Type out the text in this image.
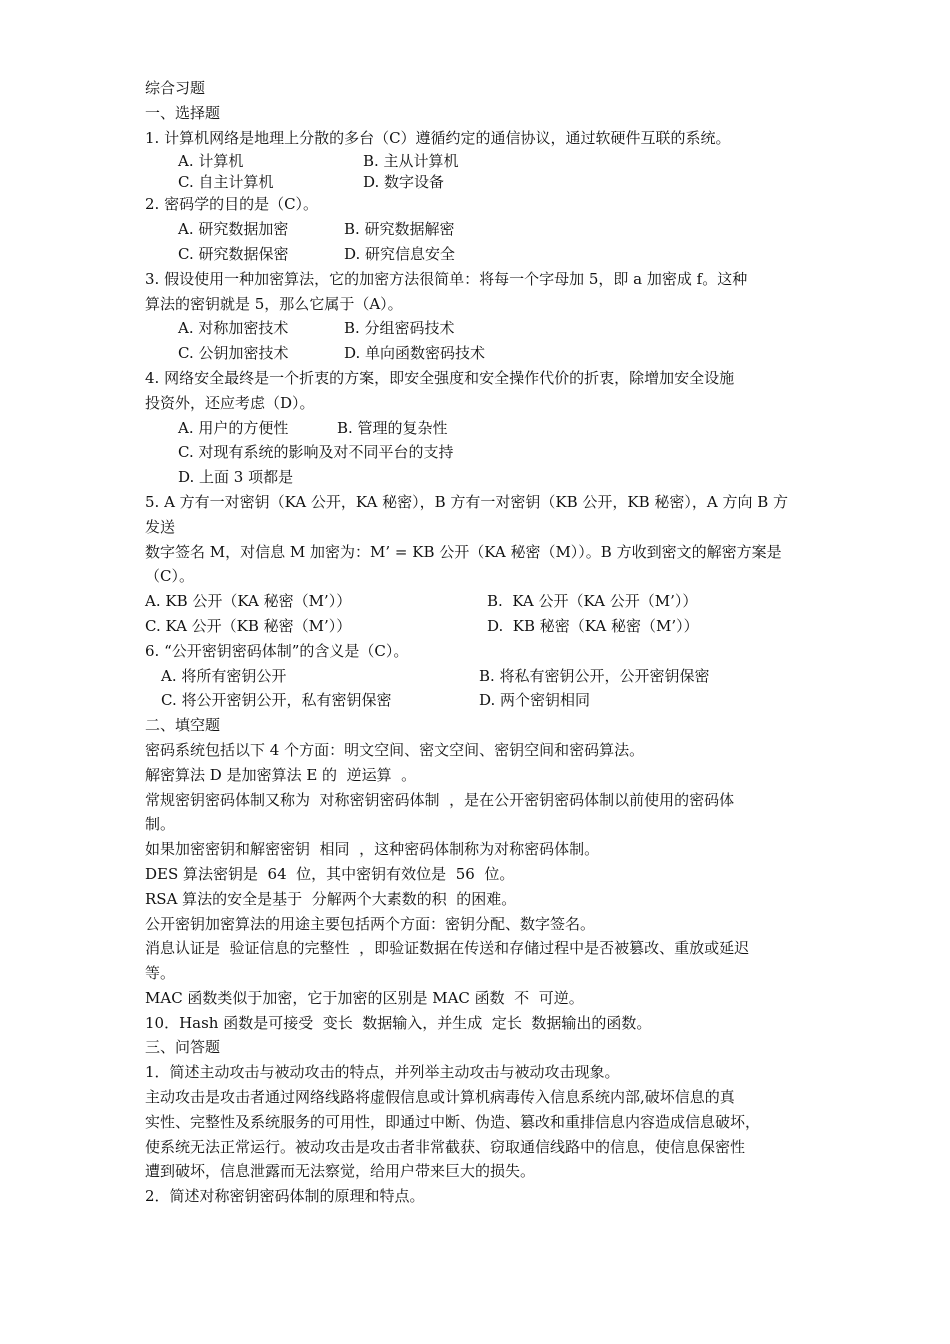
综合习题
一、选择题
1. 计算机网络是地理上分散的多台（C）遵循约定的通信协议，通过软硬件互联的系统。
A. 计算机	B. 主从计算机
C. 自主计算机	D. 数字设备
2. 密码学的目的是（C）。
A. 研究数据加密	B. 研究数据解密
C. 研究数据保密	D. 研究信息安全
3. 假设使用一种加密算法，它的加密方法很简单：将每一个字母加 5，即 a 加密成 f。这种
算法的密钥就是 5，那么它属于（A）。
A. 对称加密技术	B. 分组密码技术
C. 公钥加密技术	D. 单向函数密码技术
4. 网络安全最终是一个折衷的方案，即安全强度和安全操作代价的折衷，除增加安全设施
投资外，还应考虑（D）。
A. 用户的方便性	B. 管理的复杂性
C. 对现有系统的影响及对不同平台的支持
D. 上面 3 项都是
5. A 方有一对密钥（KA 公开，KA 秘密），B 方有一对密钥（KB 公开，KB 秘密），A 方向 B 方
发送
数字签名 M，对信息 M 加密为：M’ = KB 公开（KA 秘密（M））。B 方收到密文的解密方案是
（C）。
A. KB 公开（KA 秘密（M’））	B.  KA 公开（KA 公开（M’））
C. KA 公开（KB 秘密（M’））	D.  KB 秘密（KA 秘密（M’））
6. “公开密钥密码体制”的含义是（C）。
A. 将所有密钥公开	B. 将私有密钥公开，公开密钥保密
C. 将公开密钥公开，私有密钥保密	D. 两个密钥相同
二、填空题
密码系统包括以下 4 个方面：明文空间、密文空间、密钥空间和密码算法。
解密算法 D 是加密算法 E 的  逆运算  。
常规密钥密码体制又称为  对称密钥密码体制  ，是在公开密钥密码体制以前使用的密码体
制。
如果加密密钥和解密密钥  相同  ，这种密码体制称为对称密码体制。
DES 算法密钥是  64  位，其中密钥有效位是  56  位。
RSA 算法的安全是基于  分解两个大素数的积  的困难。
公开密钥加密算法的用途主要包括两个方面：密钥分配、数字签名。
消息认证是  验证信息的完整性  ，即验证数据在传送和存储过程中是否被篡改、重放或延迟
等。
MAC 函数类似于加密，它于加密的区别是 MAC 函数  不  可逆。
10．Hash 函数是可接受  变长  数据输入，并生成  定长  数据输出的函数。
三、问答题
1．简述主动攻击与被动攻击的特点，并列举主动攻击与被动攻击现象。
主动攻击是攻击者通过网络线路将虚假信息或计算机病毒传入信息系统内部,破坏信息的真
实性、完整性及系统服务的可用性，即通过中断、伪造、篡改和重排信息内容造成信息破坏，
使系统无法正常运行。被动攻击是攻击者非常截获、窃取通信线路中的信息，使信息保密性
遭到破坏，信息泄露而无法察觉，给用户带来巨大的损失。
2．简述对称密钥密码体制的原理和特点。
